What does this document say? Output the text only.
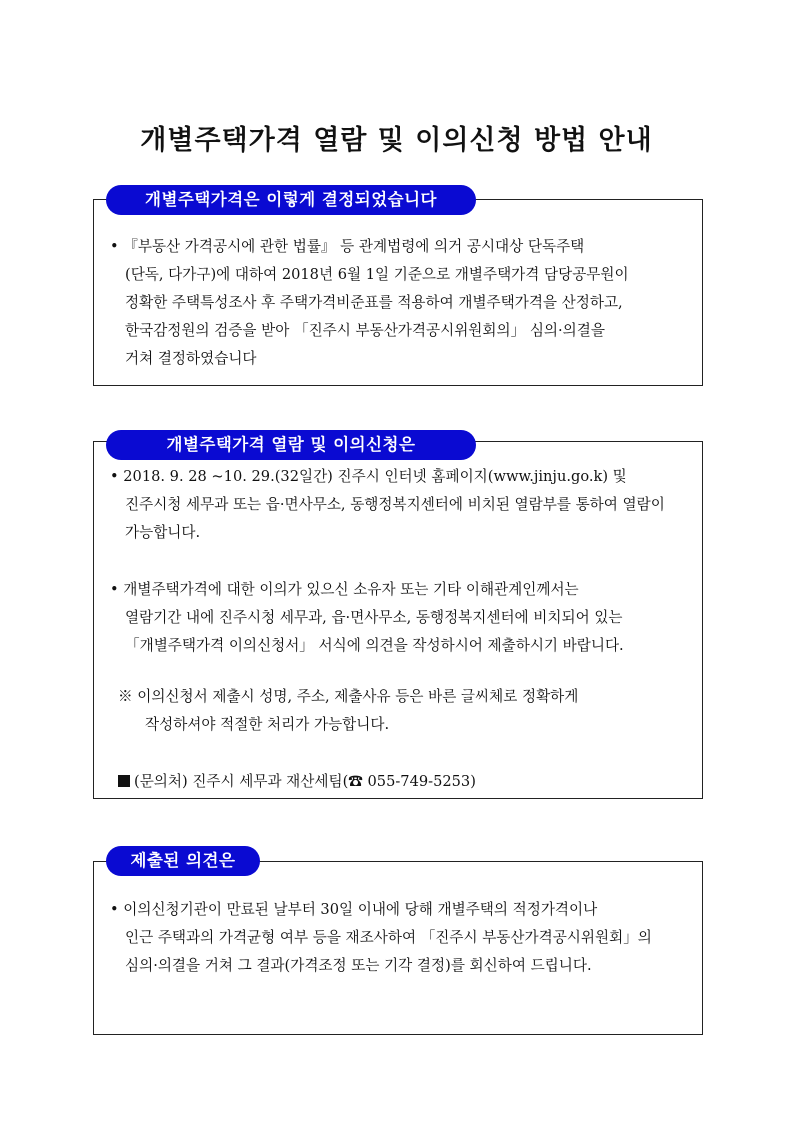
개별주택가격 열람 및 이의신청 방법 안내
개별주택가격은 이렇게 결정되었습니다
• 『부동산 가격공시에 관한 법률』 등 관계법령에 의거 공시대상 단독주택
(단독, 다가구)에 대하여 2018년 6월 1일 기준으로 개별주택가격 담당공무원이
정확한 주택특성조사 후 주택가격비준표를 적용하여 개별주택가격을 산정하고,
한국감정원의 검증을 받아 「진주시 부동산가격공시위원회의」 심의·의결을
거쳐 결정하였습니다
개별주택가격 열람 및 이의신청은
• 2018. 9. 28 ~10. 29.(32일간) 진주시 인터넷 홈페이지(www.jinju.go.k) 및
진주시청 세무과 또는 읍·면사무소, 동행정복지센터에 비치된 열람부를 통하여 열람이
가능합니다.
• 개별주택가격에 대한 이의가 있으신 소유자 또는 기타 이해관계인께서는
열람기간 내에 진주시청 세무과, 읍·면사무소, 동행정복지센터에 비치되어 있는
「개별주택가격 이의신청서」 서식에 의견을 작성하시어 제출하시기 바랍니다.
※ 이의신청서 제출시 성명, 주소, 제출사유 등은 바른 글씨체로 정확하게
작성하셔야 적절한 처리가 가능합니다.
(문의처) 진주시 세무과 재산세팀(☎ 055-749-5253)
제출된 의견은
• 이의신청기관이 만료된 날부터 30일 이내에 당해 개별주택의 적정가격이나
인근 주택과의 가격균형 여부 등을 재조사하여 「진주시 부동산가격공시위원회」의
심의·의결을 거쳐 그 결과(가격조정 또는 기각 결정)를 회신하여 드립니다.
